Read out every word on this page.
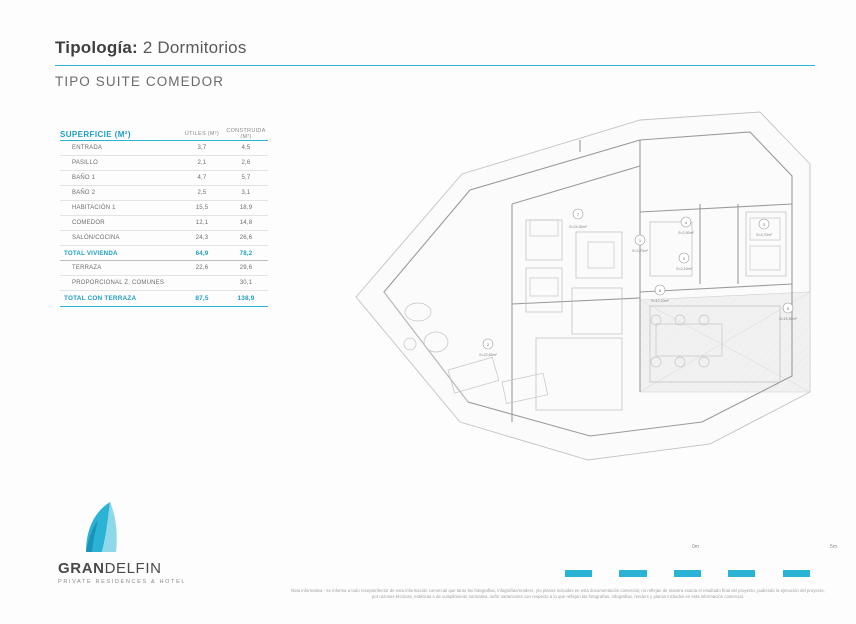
Tipología: 2 Dormitorios
TIPO SUITE COMEDOR
SUPERFICIE (M²)	ÚTILES (M²)	CONSTRUIDA (M²)
ENTRADA	3,7	4,5
PASILLO	2,1	2,6
BAÑO 1	4,7	5,7
BAÑO 2	2,5	3,1
HABITACIÓN 1	15,5	18,9
COMEDOR	12,1	14,8
SALÓN/COCINA	24,3	26,6
TOTAL VIVIENDA	64,9	78,2
TERRAZA	22,6	29,6
PROPORCIONAL Z. COMUNES		30,1
TOTAL CON TERRAZA	87,5	138,9
7
S=24,30m²
1
S=3,70m²
4
S=2,50m²
3
S=4,70m²
2
S=2,10m²
6
S=12,10m²
5
S=15,50m²
2
S=22,60m²
GRANDELFIN
PRIVATE RESIDENCES & HOTEL
0m	5m
Nota informativa - se informa a todo receptor/lector de esta información comercial que tanto las fotografías, infografías/renders, y/o planos incluidos en esta documentación comercial, no reflejan de manera exacta el resultado final del proyecto, pudiendo la ejecución del proyecto, por razones técnicas, estéticas o de cumplimiento normativa, sufrir variaciones con respecto a lo que reflejan las fotografías, infografías, renders y planos incluidos en esta información comercial.
